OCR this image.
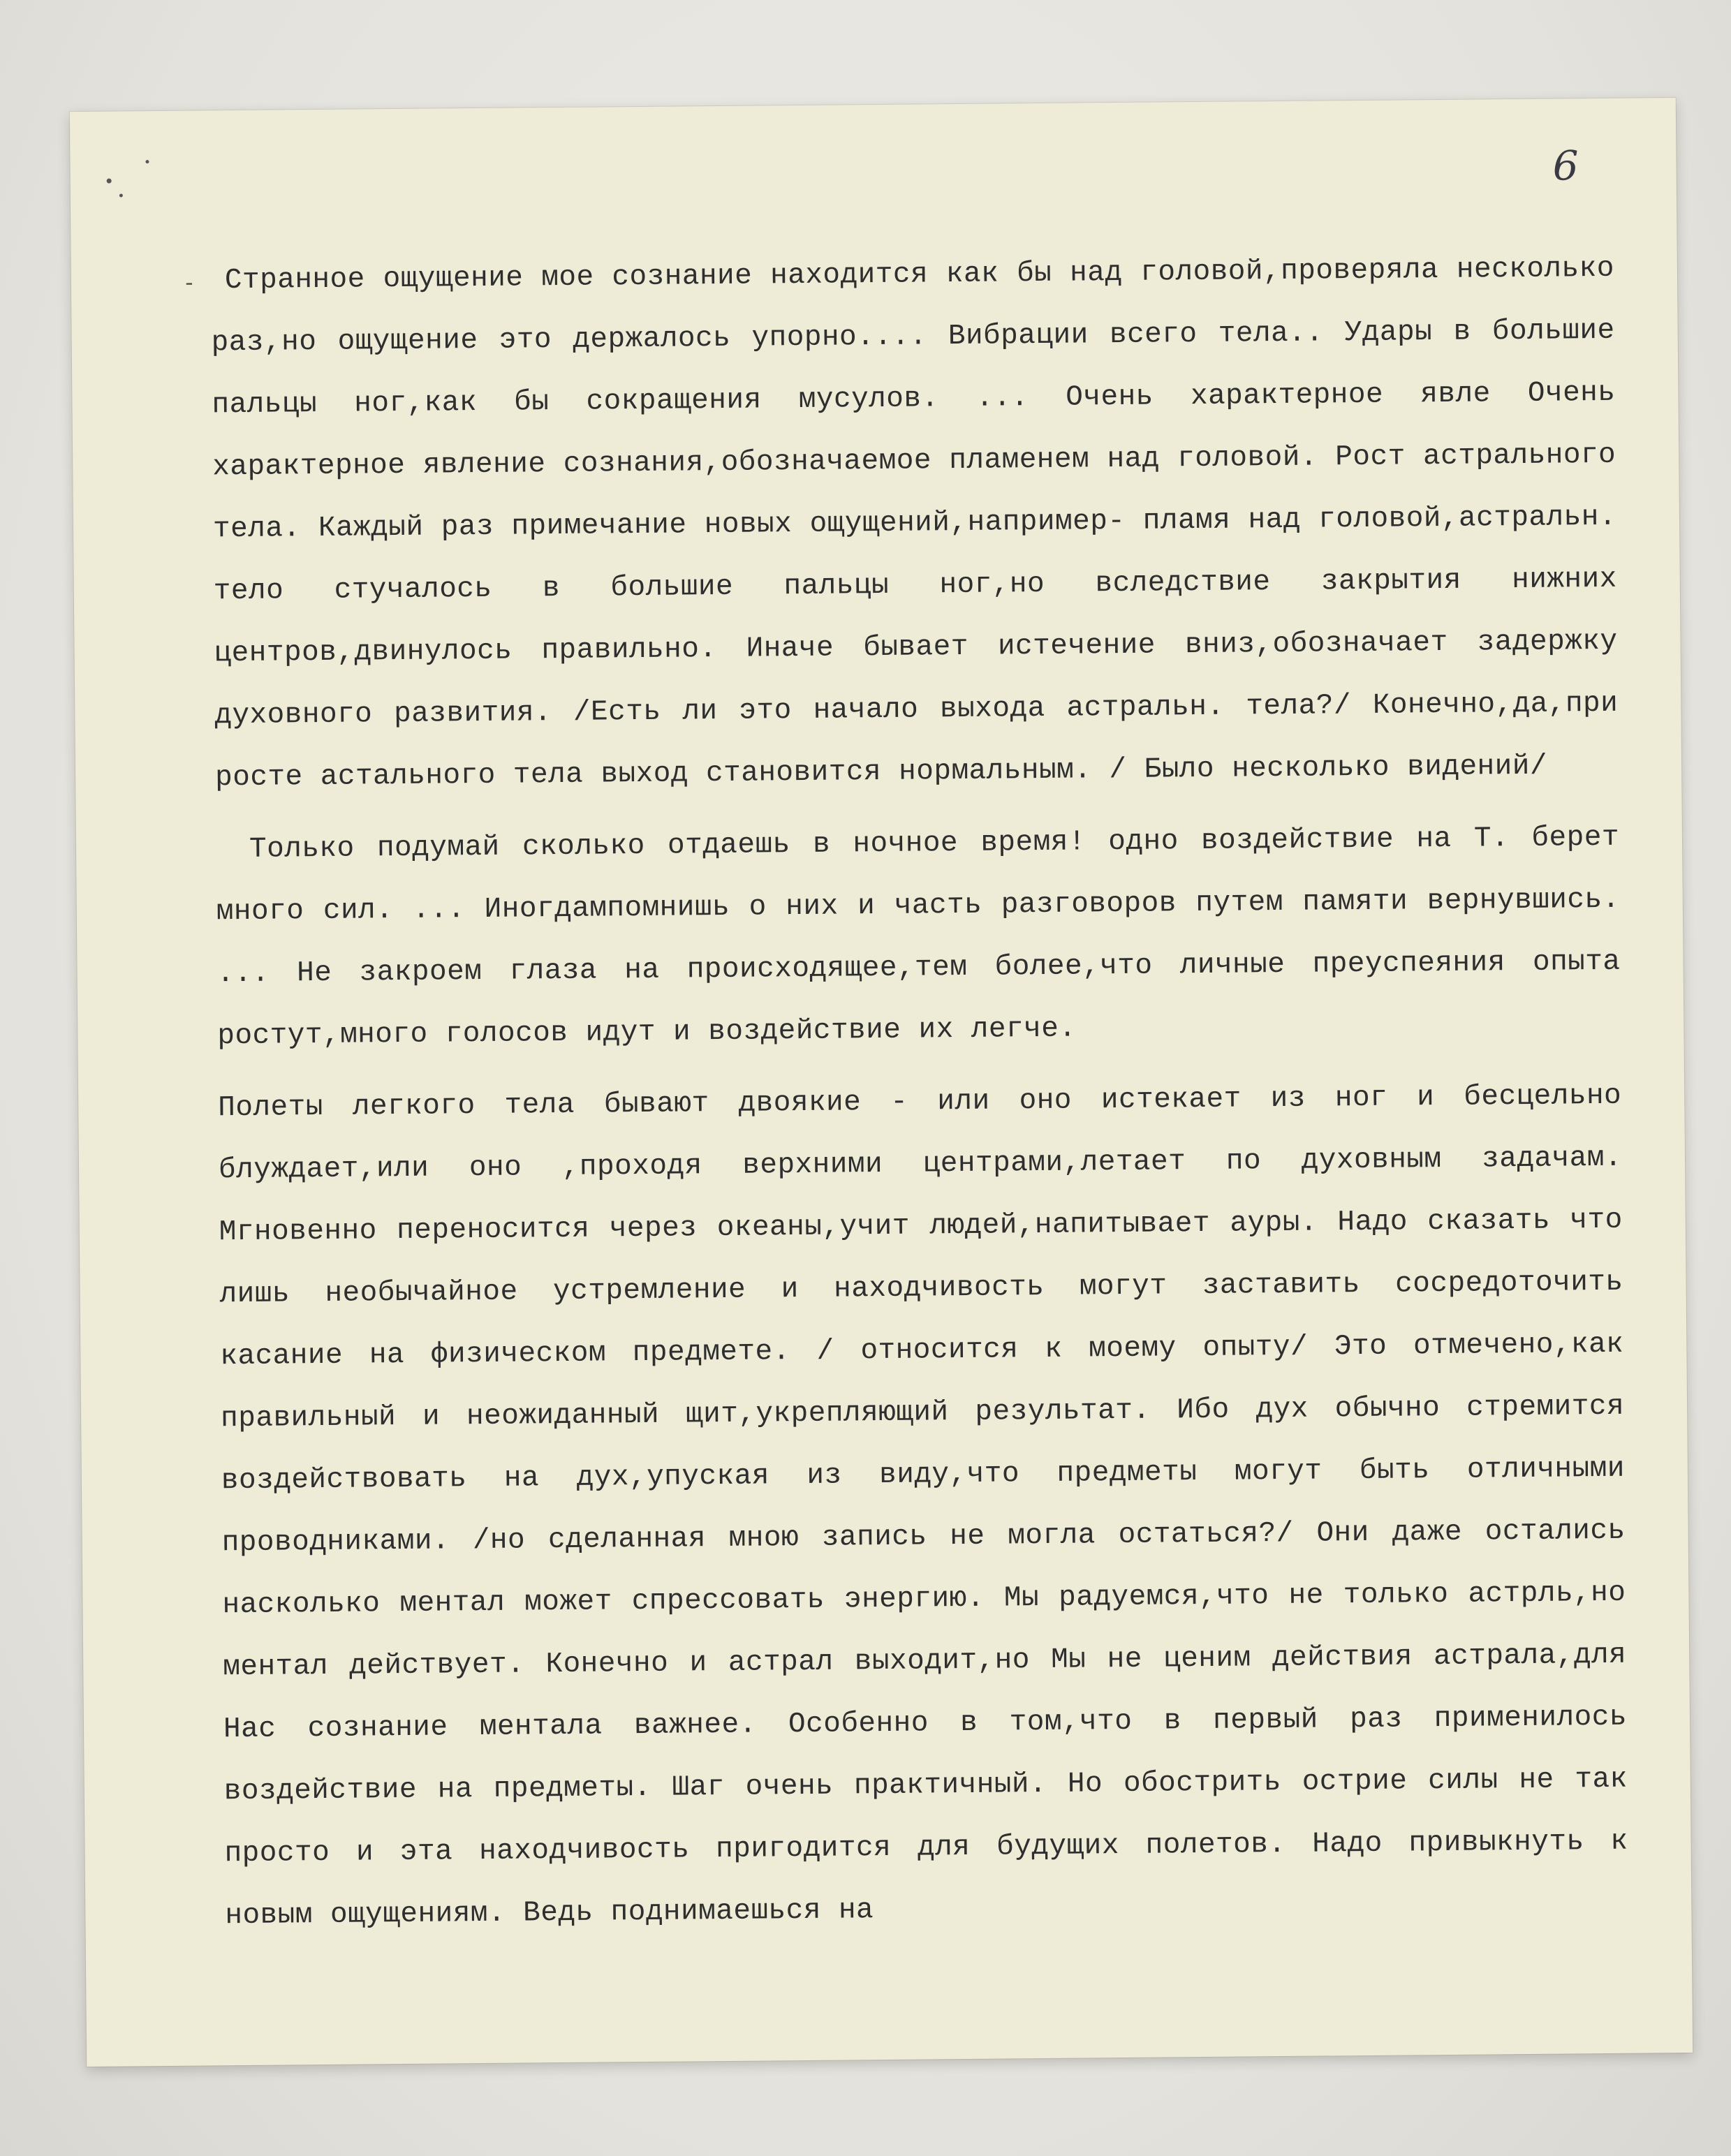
6
-	Странное ощущение мое сознание находится как бы над головой,проверяла несколько раз,но ощущение это держалось упорно.... Вибрации всего тела.. Удары в большие пальцы ног,как бы сокращения мусулов. ... Очень характерное явле Очень характерное явление сознания,обозначаемое пламенем над головой. Рост астрального тела. Каждый раз примечание новых ощущений,например- пламя над головой,астральн. тело стучалось в большие пальцы ног,но вследствие закрытия нижних центров,двинулось правильно. Иначе бывает истечение вниз,обозначает задержку духовного развития. /Есть ли это начало выхода астральн. тела?/ Конечно,да,при росте астального тела выход становится нормальным. / Было несколько видений/

Только подумай сколько отдаешь в ночное время! одно воздействие на Т. берет много сил. ... Иногдампомнишь о них и часть разговоров путем памяти вернувшись. ... Не закроем глаза на происходящее,тем более,что личные преуспеяния опыта ростут,много голосов идут и воздействие их легче.

Полеты легкого тела бывают двоякие - или оно истекает из ног и бесцельно блуждает,или оно ,проходя верхними центрами,летает по духовным задачам. Мгновенно переносится через океаны,учит людей,напитывает ауры. Надо сказать что лишь необычайное устремление и находчивость могут заставить сосредоточить касание на физическом предмете. / относится к моему опыту/ Это отмечено,как правильный и неожиданный щит,укрепляющий результат. Ибо дух обычно стремится воздействовать на дух,упуская из виду,что предметы могут быть отличными проводниками. /но сделанная мною запись не могла остаться?/ Они даже остались насколько ментал может спрессовать энергию. Мы радуемся,что не только астрль,но ментал действует. Конечно и астрал выходит,но Мы не ценим действия астрала,для Нас сознание ментала важнее. Особенно в том,что в первый раз применилось воздействие на предметы. Шаг очень практичный. Но обострить острие силы не так просто и эта находчивость пригодится для будущих полетов. Надо привыкнуть к новым ощущениям. Ведь поднимаешься на
